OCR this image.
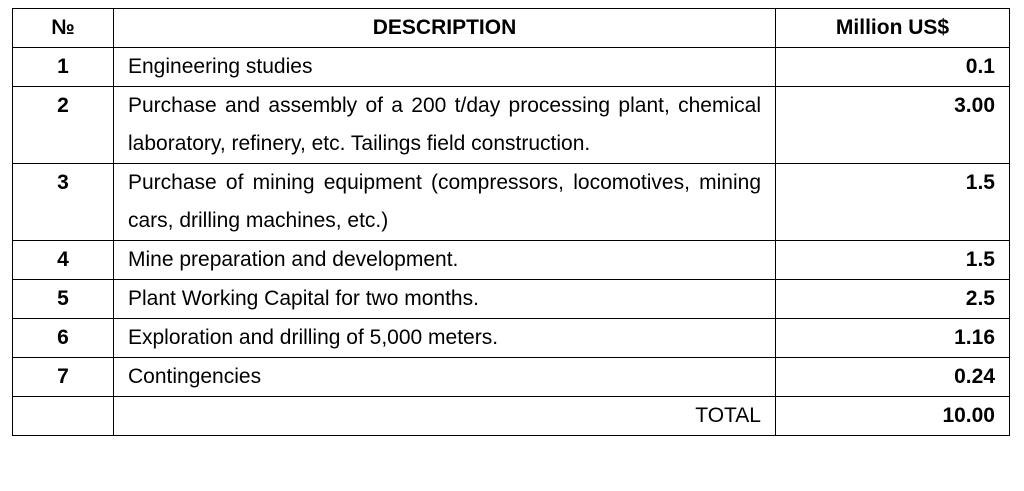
№	DESCRIPTION	Million US$
1	Engineering studies	0.1
2	Purchase and assembly of a 200 t/day processing plant, chemical laboratory, refinery, etc. Tailings field construction.	3.00
3	Purchase of mining equipment (compressors, locomotives, mining cars, drilling machines, etc.)	1.5
4	Mine preparation and development.	1.5
5	Plant Working Capital for two months.	2.5
6	Exploration and drilling of 5,000 meters.	1.16
7	Contingencies	0.24
	TOTAL	10.00
